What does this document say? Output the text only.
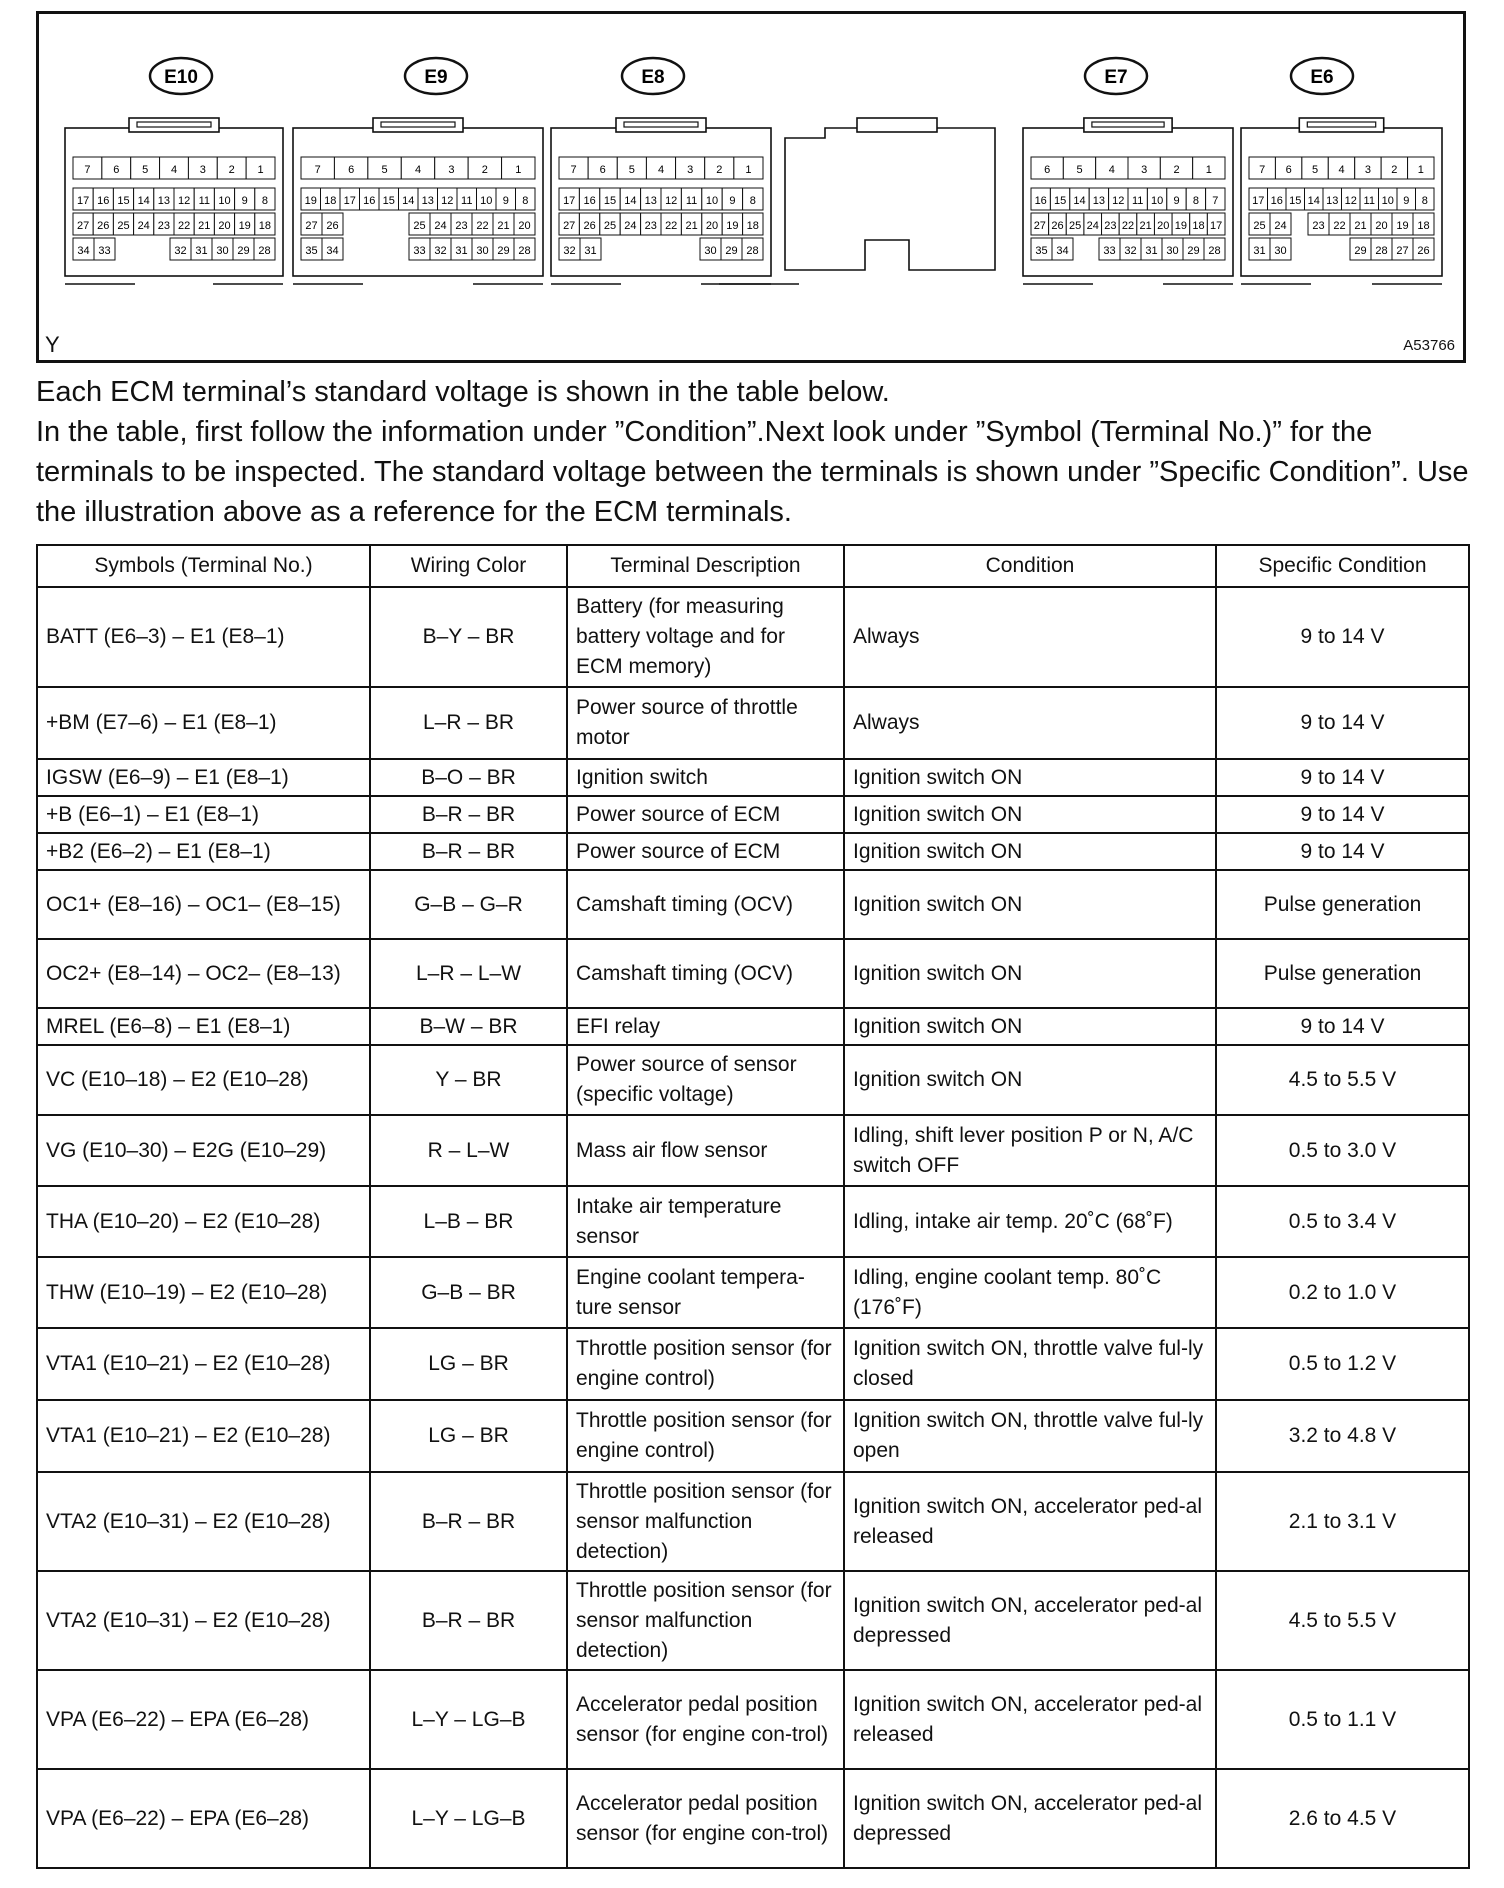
E10
7 6 5 4 3 2 1
17 16 15 14 13 12 11 10 9 8
27 26 25 24 23 22 21 20 19 18
34 33	32 31 30 29 28
E9
7 6 5 4 3 2 1
19 18 17 16 15 14 13 12 11 10 9 8
27 26	25 24 23 22 21 20
35 34	33 32 31 30 29 28
E8
7 6 5 4 3 2 1
17 16 15 14 13 12 11 10 9 8
27 26 25 24 23 22 21 20 19 18
32 31	30 29 28
E7
6 5 4 3 2 1
16 15 14 13 12 11 10 9 8 7
27 26 25 24 23 22 21 20 19 18 17
35 34	33 32 31 30 29 28
E6
7 6 5 4 3 2 1
17 16 15 14 13 12 11 10 9 8
25 24 23 22 21 20 19 18
31 30	29 28 27 26
Y	A53766

Each ECM terminal’s standard voltage is shown in the table below.

In the table, first follow the information under ”Condition”.Next look under ”Symbol (Terminal No.)” for the terminals to be inspected. The standard voltage between the terminals is shown under ”Specific Condition”. Use the illustration above as a reference for the ECM terminals.

Symbols (Terminal No.)	Wiring Color	Terminal Description	Condition	Specific Condition
BATT (E6–3) – E1 (E8–1)	B–Y – BR	Battery (for measuring battery voltage and for ECM memory)	Always	9 to 14 V
+BM (E7–6) – E1 (E8–1)	L–R – BR	Power source of throttle motor	Always	9 to 14 V
IGSW (E6–9) – E1 (E8–1)	B–O – BR	Ignition switch	Ignition switch ON	9 to 14 V
+B (E6–1) – E1 (E8–1)	B–R – BR	Power source of ECM	Ignition switch ON	9 to 14 V
+B2 (E6–2) – E1 (E8–1)	B–R – BR	Power source of ECM	Ignition switch ON	9 to 14 V
OC1+ (E8–16) – OC1– (E8–15)	G–B – G–R	Camshaft timing (OCV)	Ignition switch ON	Pulse generation
OC2+ (E8–14) – OC2– (E8–13)	L–R – L–W	Camshaft timing (OCV)	Ignition switch ON	Pulse generation
MREL (E6–8) – E1 (E8–1)	B–W – BR	EFI relay	Ignition switch ON	9 to 14 V
VC (E10–18) – E2 (E10–28)	Y – BR	Power source of sensor (specific voltage)	Ignition switch ON	4.5 to 5.5 V
VG (E10–30) – E2G (E10–29)	R – L–W	Mass air flow sensor	Idling, shift lever position P or N, A/C switch OFF	0.5 to 3.0 V
THA (E10–20) – E2 (E10–28)	L–B – BR	Intake air temperature sensor	Idling, intake air temp. 20˚C (68˚F)	0.5 to 3.4 V
THW (E10–19) – E2 (E10–28)	G–B – BR	Engine coolant tempera-ture sensor	Idling, engine coolant temp. 80˚C (176˚F)	0.2 to 1.0 V
VTA1 (E10–21) – E2 (E10–28)	LG – BR	Throttle position sensor (for engine control)	Ignition switch ON, throttle valve ful-ly closed	0.5 to 1.2 V
VTA1 (E10–21) – E2 (E10–28)	LG – BR	Throttle position sensor (for engine control)	Ignition switch ON, throttle valve ful-ly open	3.2 to 4.8 V
VTA2 (E10–31) – E2 (E10–28)	B–R – BR	Throttle position sensor (for sensor malfunction detection)	Ignition switch ON, accelerator ped-al released	2.1 to 3.1 V
VTA2 (E10–31) – E2 (E10–28)	B–R – BR	Throttle position sensor (for sensor malfunction detection)	Ignition switch ON, accelerator ped-al depressed	4.5 to 5.5 V
VPA (E6–22) – EPA (E6–28)	L–Y – LG–B	Accelerator pedal position sensor (for engine con-trol)	Ignition switch ON, accelerator ped-al released	0.5 to 1.1 V
VPA (E6–22) – EPA (E6–28)	L–Y – LG–B	Accelerator pedal position sensor (for engine con-trol)	Ignition switch ON, accelerator ped-al depressed	2.6 to 4.5 V
